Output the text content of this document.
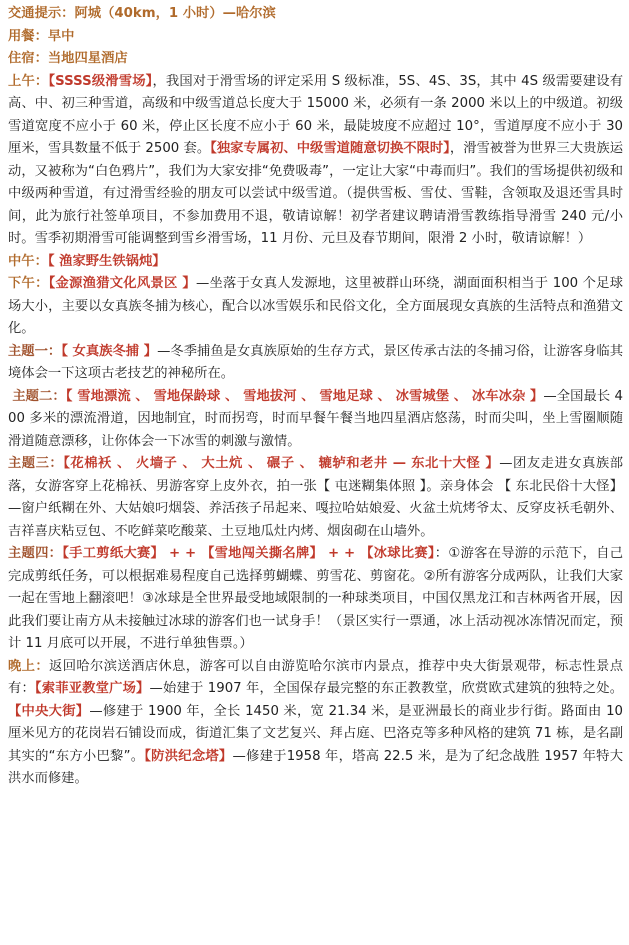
交通提示：阿城（40km，1 小时）—哈尔滨

用餐：早中

住宿：当地四星酒店

上午：【SSSS级滑雪场】，我国对于滑雪场的评定采用 S 级标准，5S、4S、3S，其中 4S 级需要建设有高、中、初三种雪道，高级和中级雪道总长度大于 15000 米，必须有一条 2000 米以上的中级道。初级雪道宽度不应小于 60 米，停止区长度不应小于 60 米，最陡坡度不应超过 10°，雪道厚度不应小于 30 厘米，雪具数量不低于 2500 套。【独家专属初、中级雪道随意切换不限时】，滑雪被誉为世界三大贵族运动，又被称为“白色鸦片”，我们为大家安排“免费吸毒”，一定让大家“中毒而归”。我们的雪场提供初级和中级两种雪道，有过滑雪经验的朋友可以尝试中级雪道。（提供雪板、雪仗、雪鞋，含领取及退还雪具时间，此为旅行社签单项目，不参加费用不退，敬请谅解！初学者建议聘请滑雪教练指导滑雪 240 元/小时。雪季初期滑雪可能调整到雪乡滑雪场，11 月份、元旦及春节期间，限滑 2 小时，敬请谅解！）

中午：【 渔家野生铁锅炖】

下午：【金源渔猎文化风景区 】—坐落于女真人发源地，这里被群山环绕，湖面面积相当于 100 个足球场大小，主要以女真族冬捕为核心，配合以冰雪娱乐和民俗文化，全方面展现女真族的生活特点和渔猎文化。

主题一：【 女真族冬捕 】—冬季捕鱼是女真族原始的生存方式，景区传承古法的冬捕习俗，让游客身临其境体会一下这项古老技艺的神秘所在。

主题二：【 雪地漂流 、 雪地保龄球 、 雪地拔河 、 雪地足球 、 冰雪城堡 、 冰车冰杂 】—全国最长 400 多米的漂流滑道，因地制宜，时而拐弯，时而早餐午餐当地四星酒店悠荡，时而尖叫，坐上雪圈顺随滑道随意漂移，让你体会一下冰雪的刺激与激情。

主题三：【花棉袄 、 火墙子 、 大土炕 、 碾子 、 辘轳和老井 — 东北十大怪 】—团友走进女真族部落，女游客穿上花棉袄、男游客穿上皮外衣，拍一张【 屯迷糊集体照 】。亲身体会 【 东北民俗十大怪】—窗户纸糊在外、大姑娘叼烟袋、养活孩子吊起来、嘎拉哈姑娘爱、火盆土炕烤爷太、反穿皮袄毛朝外、吉祥喜庆粘豆包、不吃鲜菜吃酸菜、土豆地瓜灶内烤、烟囱砌在山墙外。

主题四：【手工剪纸大赛】 + + 【雪地闯关撕名牌】 + + 【冰球比赛】：①游客在导游的示范下，自己完成剪纸任务，可以根据难易程度自己选择剪蝴蝶、剪雪花、剪窗花。②所有游客分成两队，让我们大家一起在雪地上翻滚吧！③冰球是全世界最受地域限制的一种球类项目，中国仅黑龙江和吉林两省开展，因此我们要让南方从未接触过冰球的游客们也一试身手！（景区实行一票通，冰上活动视冰冻情况而定，预计 11 月底可以开展，不进行单独售票。）

晚上：返回哈尔滨送酒店休息，游客可以自由游览哈尔滨市内景点，推荐中央大街景观带，标志性景点有：【索菲亚教堂广场】—始建于 1907 年，全国保存最完整的东正教教堂，欣赏欧式建筑的独特之处。【中央大街】—修建于 1900 年，全长 1450 米，宽 21.34 米，是亚洲最长的商业步行街。路面由 10 厘米见方的花岗岩石铺设而成，街道汇集了文艺复兴、拜占庭、巴洛克等多种风格的建筑 71 栋，是名副其实的“东方小巴黎”。【防洪纪念塔】—修建于1958 年，塔高 22.5 米，是为了纪念战胜 1957 年特大洪水而修建。
